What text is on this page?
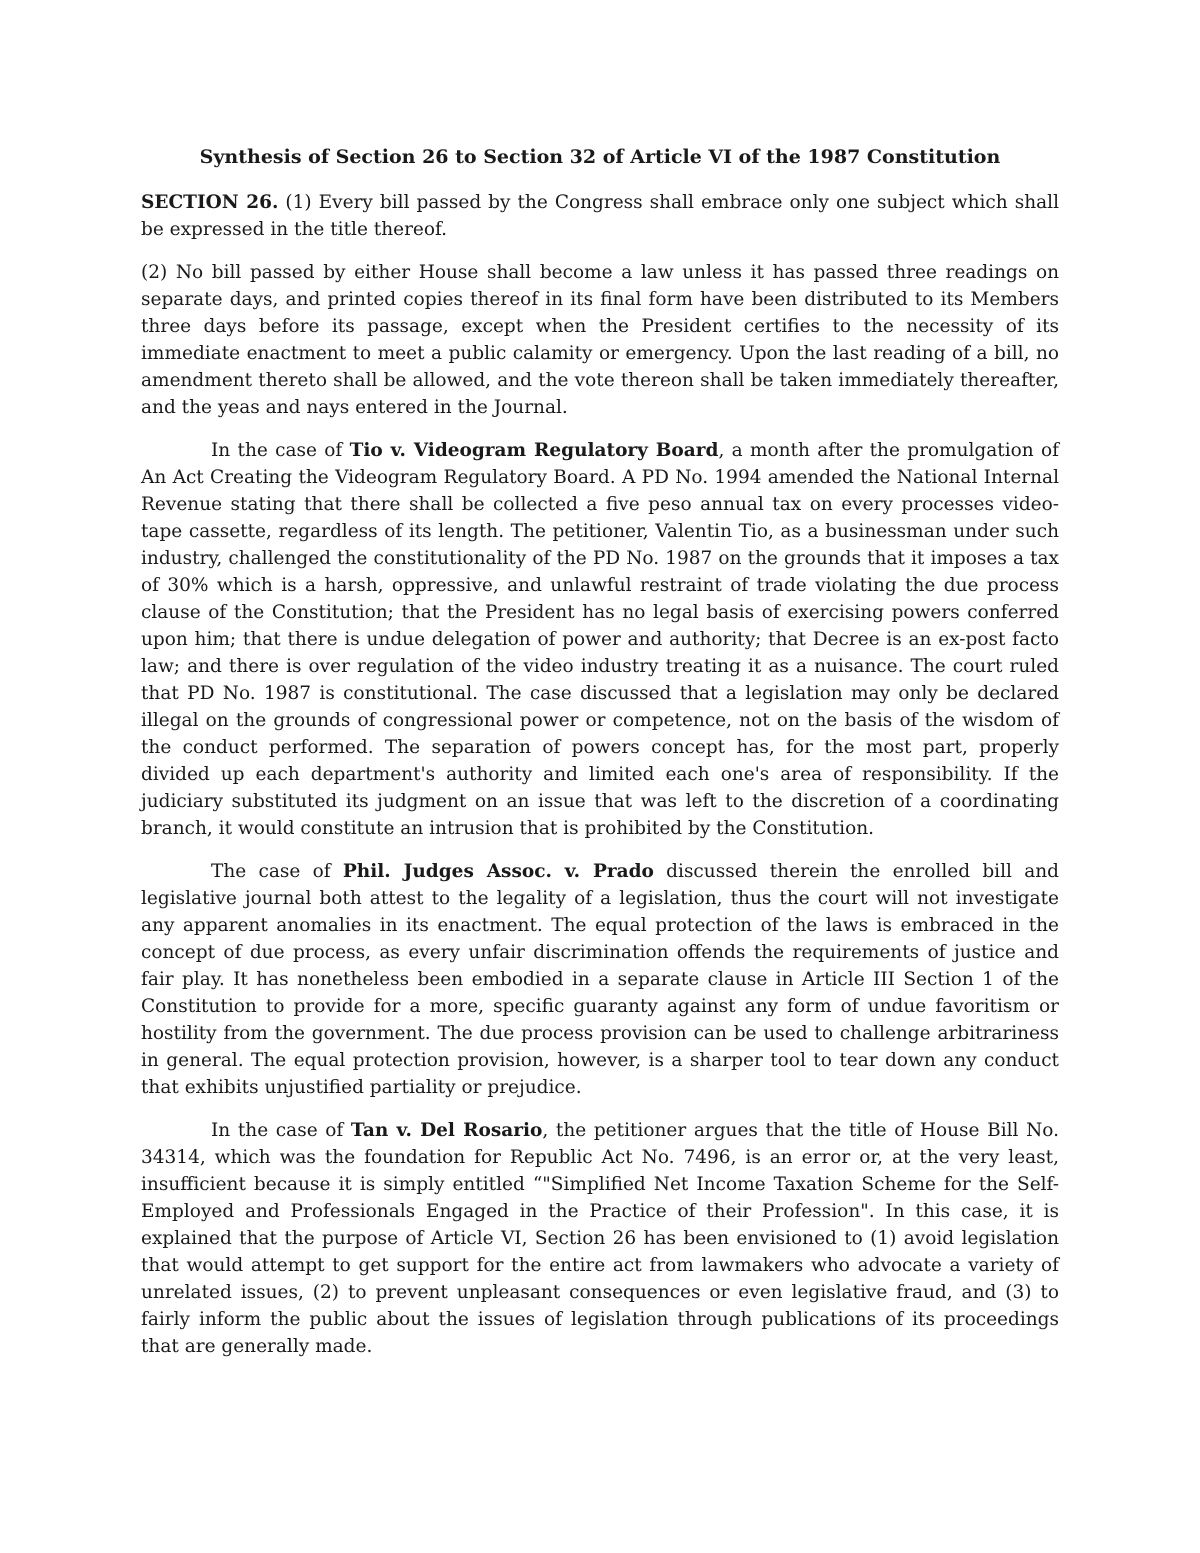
Synthesis of Section 26 to Section 32 of Article VI of the 1987 Constitution

SECTION 26. (1) Every bill passed by the Congress shall embrace only one subject which shall be expressed in the title thereof.

(2) No bill passed by either House shall become a law unless it has passed three readings on separate days, and printed copies thereof in its final form have been distributed to its Members three days before its passage, except when the President certifies to the necessity of its immediate enactment to meet a public calamity or emergency. Upon the last reading of a bill, no amendment thereto shall be allowed, and the vote thereon shall be taken immediately thereafter, and the yeas and nays entered in the Journal.

In the case of Tio v. Videogram Regulatory Board, a month after the promulgation of An Act Creating the Videogram Regulatory Board. A PD No. 1994 amended the National Internal Revenue stating that there shall be collected a five peso annual tax on every processes video-tape cassette, regardless of its length. The petitioner, Valentin Tio, as a businessman under such industry, challenged the constitutionality of the PD No. 1987 on the grounds that it imposes a tax of 30% which is a harsh, oppressive, and unlawful restraint of trade violating the due process clause of the Constitution; that the President has no legal basis of exercising powers conferred upon him; that there is undue delegation of power and authority; that Decree is an ex-post facto law; and there is over regulation of the video industry treating it as a nuisance. The court ruled that PD No. 1987 is constitutional. The case discussed that a legislation may only be declared illegal on the grounds of congressional power or competence, not on the basis of the wisdom of the conduct performed. The separation of powers concept has, for the most part, properly divided up each department's authority and limited each one's area of responsibility. If the judiciary substituted its judgment on an issue that was left to the discretion of a coordinating branch, it would constitute an intrusion that is prohibited by the Constitution.

The case of Phil. Judges Assoc. v. Prado discussed therein the enrolled bill and legislative journal both attest to the legality of a legislation, thus the court will not investigate any apparent anomalies in its enactment. The equal protection of the laws is embraced in the concept of due process, as every unfair discrimination offends the requirements of justice and fair play. It has nonetheless been embodied in a separate clause in Article III Section 1 of the Constitution to provide for a more, specific guaranty against any form of undue favoritism or hostility from the government. The due process provision can be used to challenge arbitrariness in general. The equal protection provision, however, is a sharper tool to tear down any conduct that exhibits unjustified partiality or prejudice.

In the case of Tan v. Del Rosario, the petitioner argues that the title of House Bill No. 34314, which was the foundation for Republic Act No. 7496, is an error or, at the very least, insufficient because it is simply entitled “"Simplified Net Income Taxation Scheme for the Self-Employed and Professionals Engaged in the Practice of their Profession". In this case, it is explained that the purpose of Article VI, Section 26 has been envisioned to (1) avoid legislation that would attempt to get support for the entire act from lawmakers who advocate a variety of unrelated issues, (2) to prevent unpleasant consequences or even legislative fraud, and (3) to fairly inform the public about the issues of legislation through publications of its proceedings that are generally made.
